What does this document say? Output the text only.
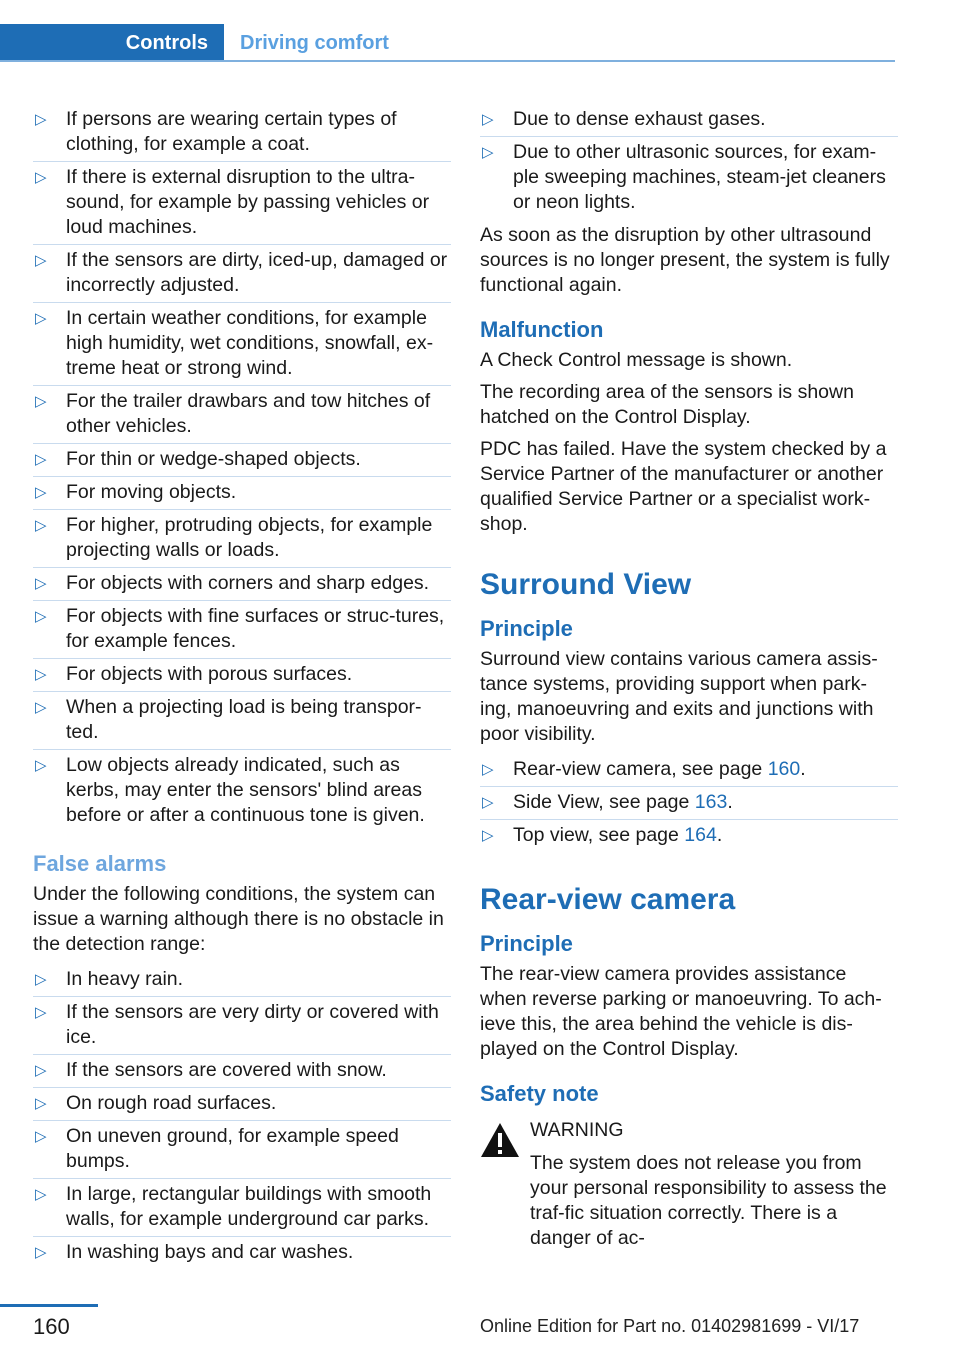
Controls	Driving comfort
▷ If persons are wearing certain types of clothing, for example a coat.
▷ If there is external disruption to the ultra-sound, for example by passing vehicles or loud machines.
▷ If the sensors are dirty, iced-up, damaged or incorrectly adjusted.
▷ In certain weather conditions, for example high humidity, wet conditions, snowfall, ex-treme heat or strong wind.
▷ For the trailer drawbars and tow hitches of other vehicles.
▷ For thin or wedge-shaped objects.
▷ For moving objects.
▷ For higher, protruding objects, for example projecting walls or loads.
▷ For objects with corners and sharp edges.
▷ For objects with fine surfaces or struc-tures, for example fences.
▷ For objects with porous surfaces.
▷ When a projecting load is being transpor-ted.
▷ Low objects already indicated, such as kerbs, may enter the sensors' blind areas before or after a continuous tone is given.
False alarms

Under the following conditions, the system can issue a warning although there is no obstacle in the detection range:

▷ In heavy rain.
▷ If the sensors are very dirty or covered with ice.
▷ If the sensors are covered with snow.
▷ On rough road surfaces.
▷ On uneven ground, for example speed bumps.
▷ In large, rectangular buildings with smooth walls, for example underground car parks.
▷ In washing bays and car washes.
▷ Due to dense exhaust gases.
▷ Due to other ultrasonic sources, for exam-ple sweeping machines, steam-jet cleaners or neon lights.

As soon as the disruption by other ultrasound sources is no longer present, the system is fully functional again.

Malfunction

A Check Control message is shown.

The recording area of the sensors is shown hatched on the Control Display.

PDC has failed. Have the system checked by a Service Partner of the manufacturer or another qualified Service Partner or a specialist work-shop.

Surround View
Principle

Surround view contains various camera assis-tance systems, providing support when park-ing, manoeuvring and exits and junctions with poor visibility.

▷ Rear-view camera, see page 160.
▷ Side View, see page 163.
▷ Top view, see page 164.
Rear-view camera
Principle

The rear-view camera provides assistance when reverse parking or manoeuvring. To ach-ieve this, the area behind the vehicle is dis-played on the Control Display.

Safety note
WARNING
The system does not release you from your personal responsibility to assess the traf-fic situation correctly. There is a danger of ac-
160	Online Edition for Part no. 01402981699 - VI/17
